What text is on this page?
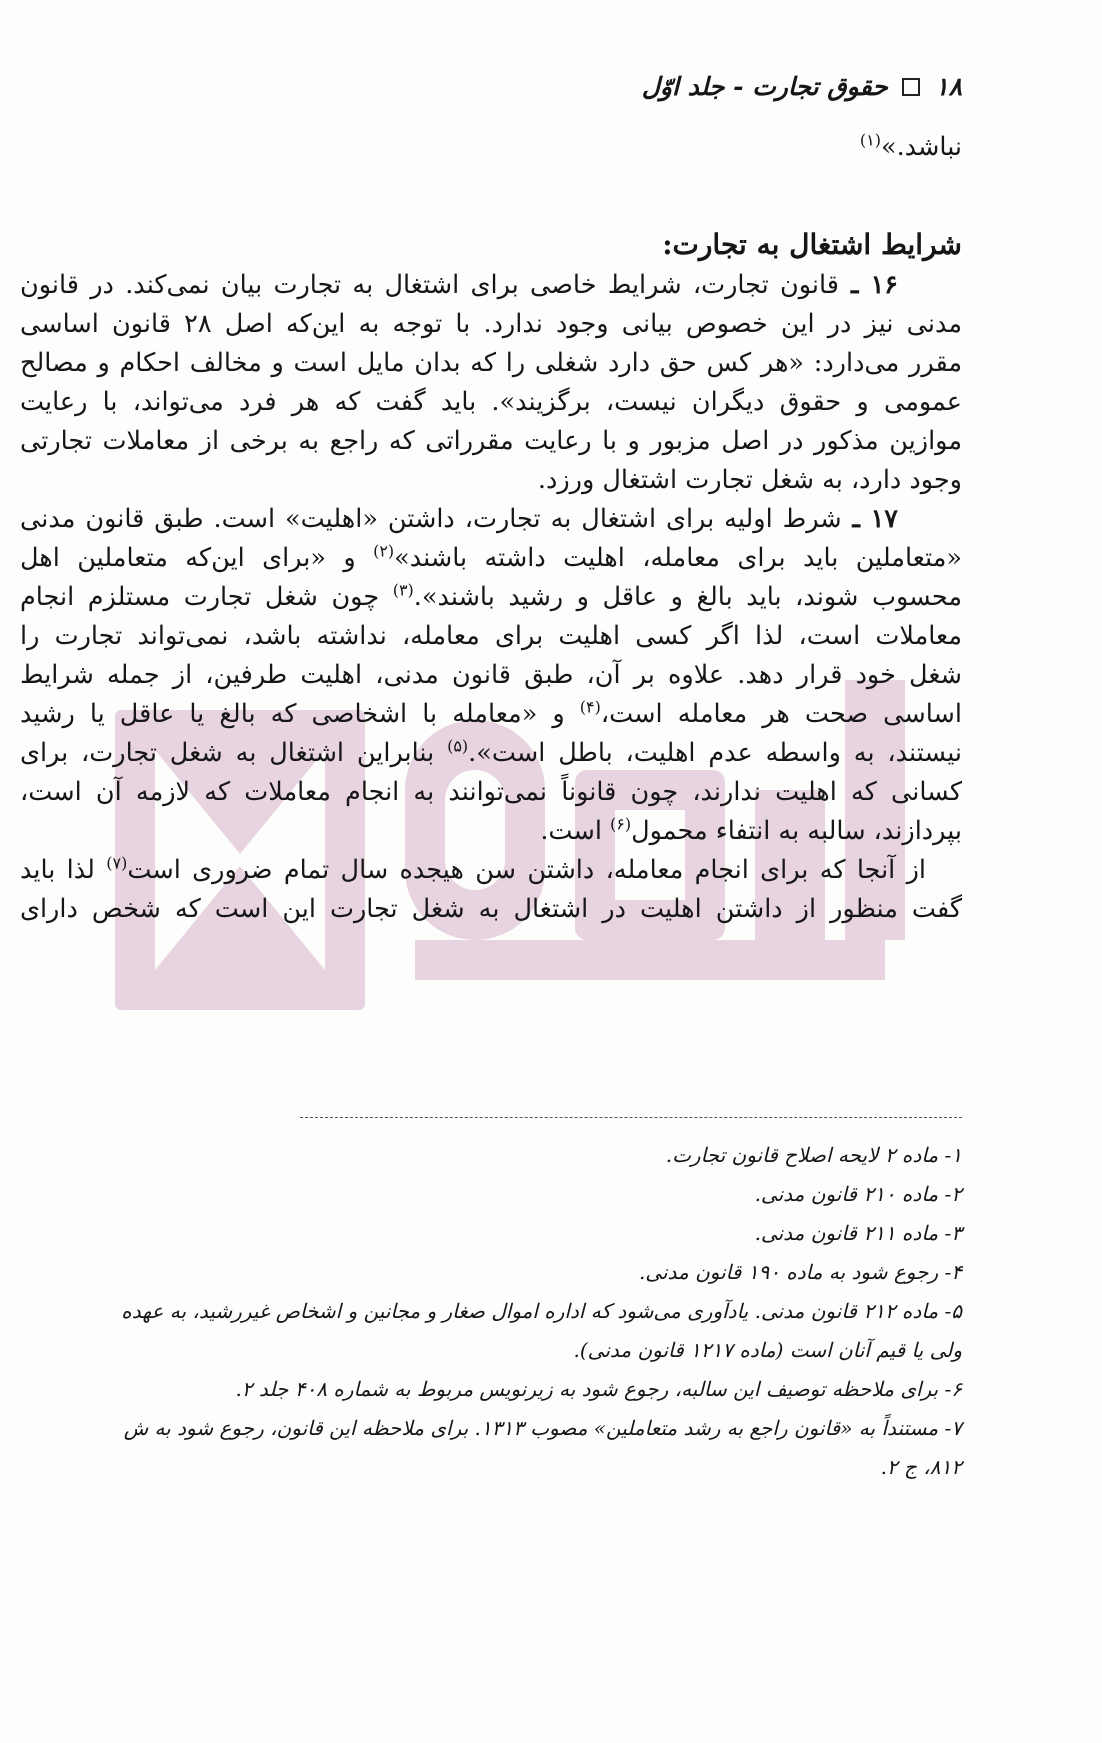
۱۸  حقوق تجارت - جلد اوّل
نباشد.»$^{(۱)}$
شرایط اشتغال به تجارت:
۱۶ ـ قانون تجارت، شرایط خاصی برای اشتغال به تجارت بیان نمی‌کند. در قانون
مدنی نیز در این خصوص بیانی وجود ندارد. با توجه به این‌که اصل ۲۸ قانون اساسی
مقرر می‌دارد: «هر کس حق دارد شغلی را که بدان مایل است و مخالف احکام و مصالح
عمومی و حقوق دیگران نیست، برگزیند». باید گفت که هر فرد می‌تواند، با رعایت
موازین مذکور در اصل مزبور و با رعایت مقرراتی که راجع به برخی از معاملات تجارتی
وجود دارد، به شغل تجارت اشتغال ورزد.
۱۷ ـ شرط اولیه برای اشتغال به تجارت، داشتن «اهلیت» است. طبق قانون مدنی
«متعاملین باید برای معامله، اهلیت داشته باشند»$^{(۲)}$ و «برای این‌که متعاملین اهل
محسوب شوند، باید بالغ و عاقل و رشید باشند».$^{(۳)}$ چون شغل تجارت مستلزم انجام
معاملات است، لذا اگر کسی اهلیت برای معامله، نداشته باشد، نمی‌تواند تجارت را
شغل خود قرار دهد. علاوه بر آن، طبق قانون مدنی، اهلیت طرفین، از جمله شرایط
اساسی صحت هر معامله است،$^{(۴)}$ و «معامله با اشخاصی که بالغ یا عاقل یا رشید
نیستند، به واسطه عدم اهلیت، باطل است».$^{(۵)}$ بنابراین اشتغال به شغل تجارت، برای
کسانی که اهلیت ندارند، چون قانوناً نمی‌توانند به انجام معاملات که لازمه آن است،
بپردازند، سالبه به انتفاء محمول$^{(۶)}$ است.
از آنجا که برای انجام معامله، داشتن سن هیجده سال تمام ضروری است$^{(۷)}$ لذا باید
گفت منظور از داشتن اهلیت در اشتغال به شغل تجارت این است که شخص دارای
۱- ماده ۲ لایحه اصلاح قانون تجارت.
۲- ماده ۲۱۰ قانون مدنی.
۳- ماده ۲۱۱ قانون مدنی.
۴- رجوع شود به ماده ۱۹۰ قانون مدنی.
۵- ماده ۲۱۲ قانون مدنی. یادآوری می‌شود که اداره اموال صغار و مجانین و اشخاص غیررشید، به عهده
ولی یا قیم آنان است (ماده ۱۲۱۷ قانون مدنی).
۶- برای ملاحظه توصیف این سالبه، رجوع شود به زیرنویس مربوط به شماره ۴۰۸ جلد ۲.
۷- مستنداً به «قانون راجع به رشد متعاملین» مصوب ۱۳۱۳. برای ملاحظه این قانون، رجوع شود به ش
۸۱۲، ج ۲.
